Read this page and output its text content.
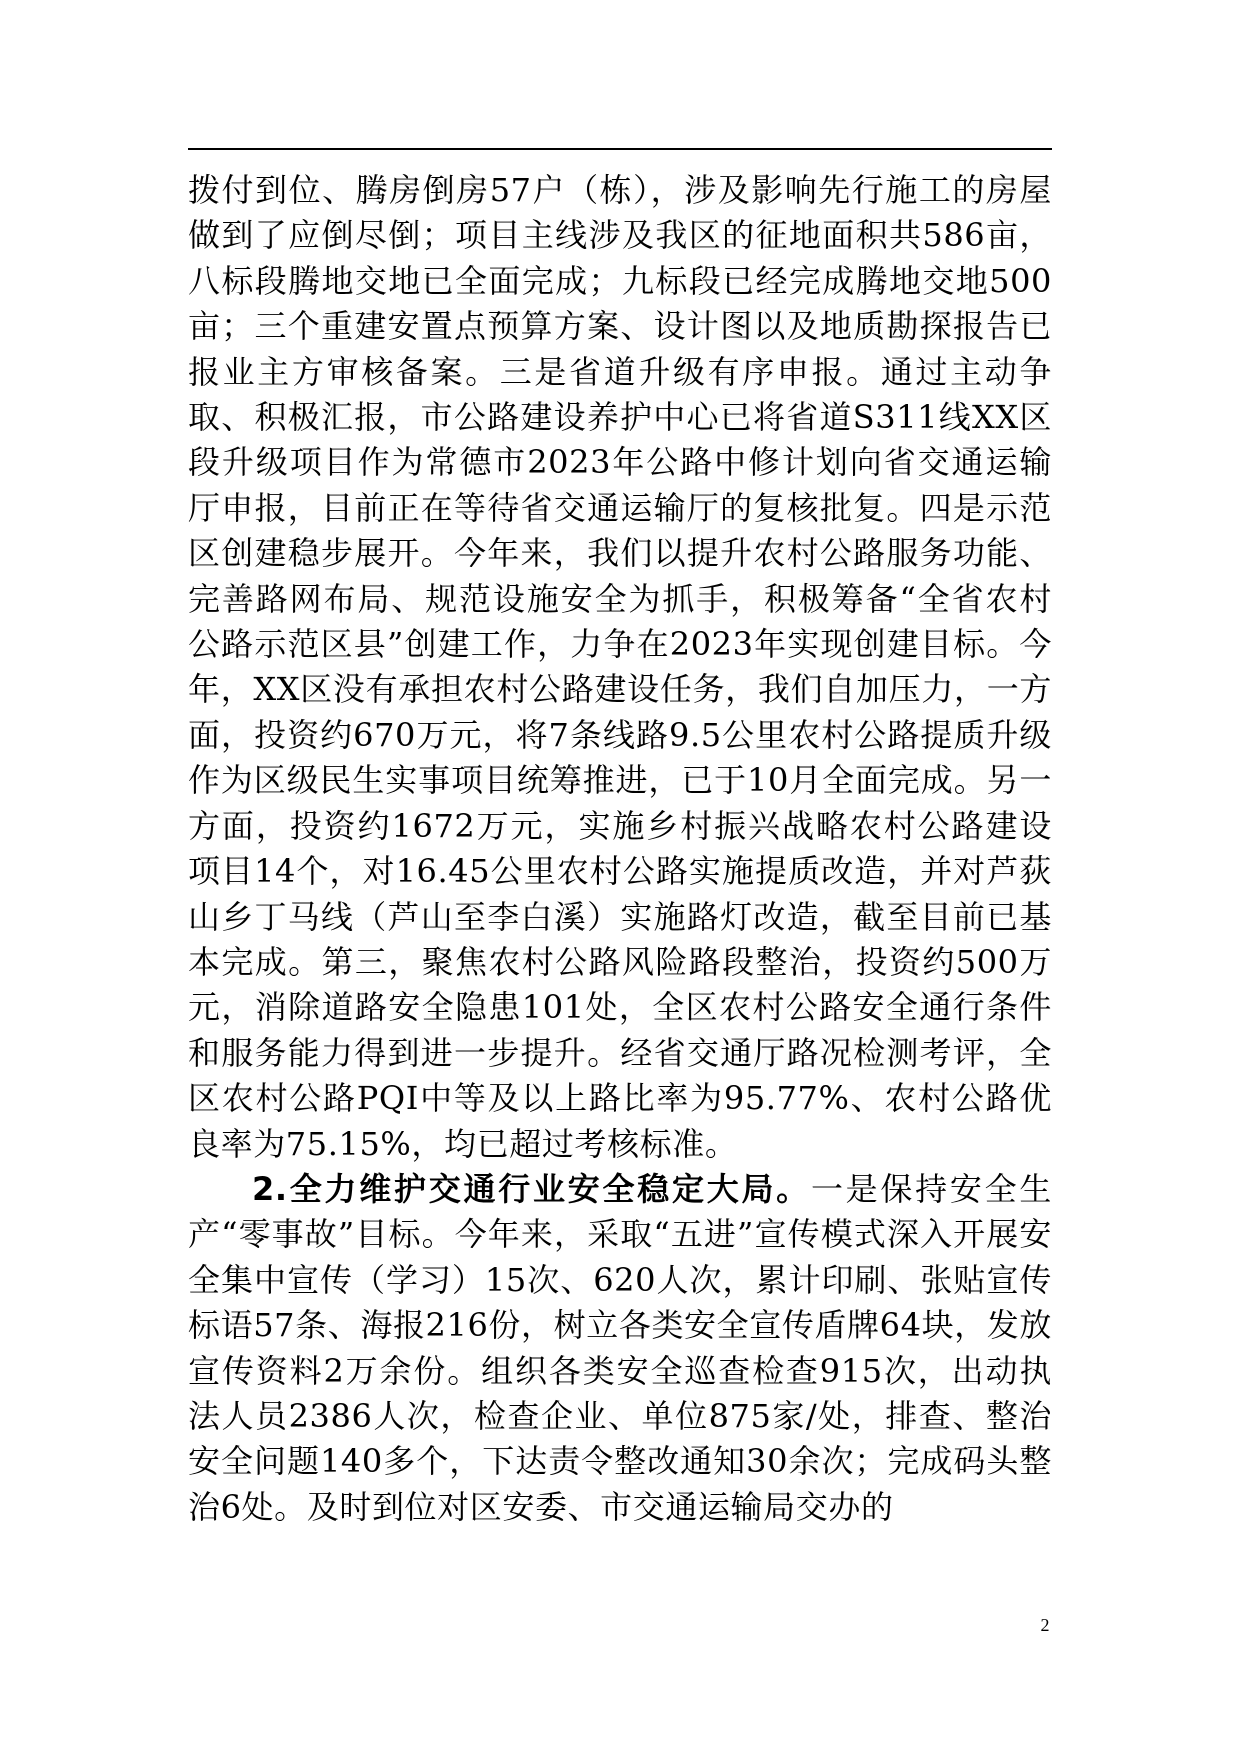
拨付到位、腾房倒房57户（栋），涉及影响先行施工的房屋做到了应倒尽倒；项目主线涉及我区的征地面积共586亩，八标段腾地交地已全面完成；九标段已经完成腾地交地500亩；三个重建安置点预算方案、设计图以及地质勘探报告已报业主方审核备案。三是省道升级有序申报。通过主动争取、积极汇报，市公路建设养护中心已将省道S311线XX区段升级项目作为常德市2023年公路中修计划向省交通运输厅申报，目前正在等待省交通运输厅的复核批复。四是示范区创建稳步展开。今年来，我们以提升农村公路服务功能、完善路网布局、规范设施安全为抓手，积极筹备“全省农村公路示范区县”创建工作，力争在2023年实现创建目标。今年，XX区没有承担农村公路建设任务，我们自加压力，一方面，投资约670万元，将7条线路9.5公里农村公路提质升级作为区级民生实事项目统筹推进，已于10月全面完成。另一方面，投资约1672万元，实施乡村振兴战略农村公路建设项目14个，对16.45公里农村公路实施提质改造，并对芦荻山乡丁马线（芦山至李白溪）实施路灯改造，截至目前已基本完成。第三，聚焦农村公路风险路段整治，投资约500万元，消除道路安全隐患101处，全区农村公路安全通行条件和服务能力得到进一步提升。经省交通厅路况检测考评，全区农村公路PQI中等及以上路比率为95.77%、农村公路优良率为75.15%，均已超过考核标准。

2.全力维护交通行业安全稳定大局。一是保持安全生产“零事故”目标。今年来，采取“五进”宣传模式深入开展安全集中宣传（学习）15次、620人次，累计印刷、张贴宣传标语57条、海报216份，树立各类安全宣传盾牌64块，发放宣传资料2万余份。组织各类安全巡查检查915次，出动执法人员2386人次，检查企业、单位875家/处，排查、整治安全问题140多个，下达责令整改通知30余次；完成码头整治6处。及时到位对区安委、市交通运输局交办的

2
